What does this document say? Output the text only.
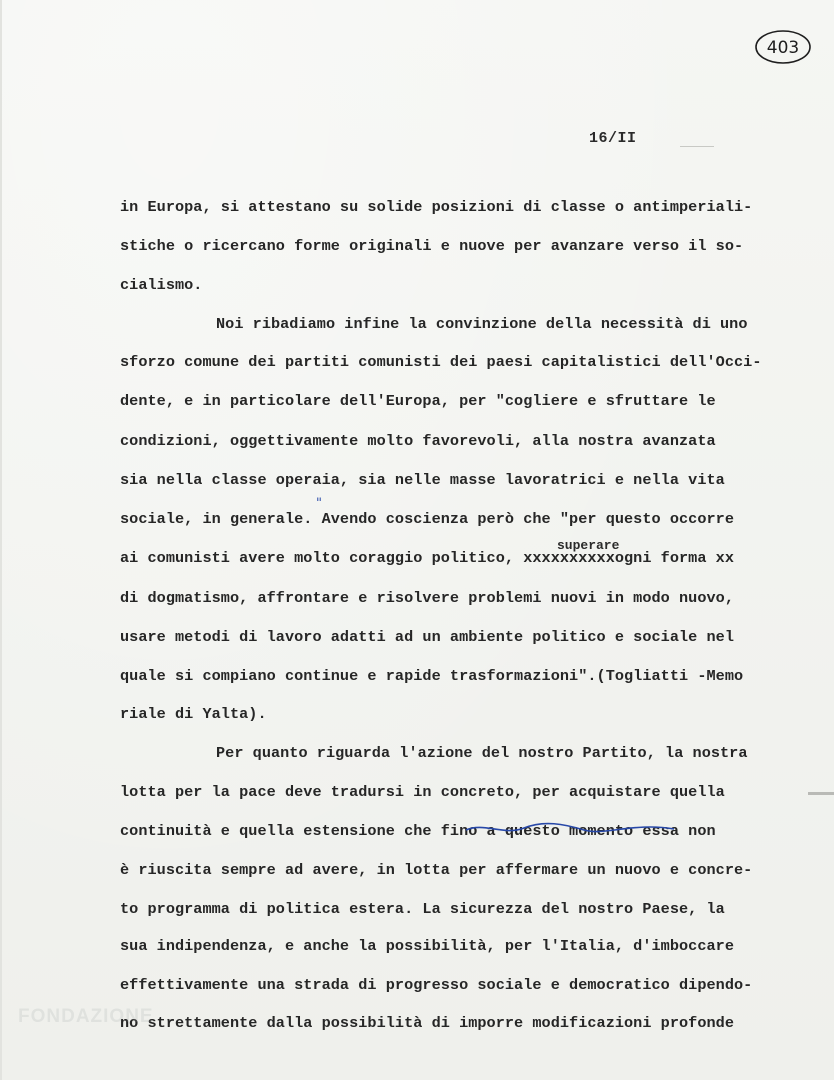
403
16/II
in Europa, si attestano su solide posizioni di classe o antimperiali-
stiche o ricercano forme originali e nuove per avanzare verso il so-
cialismo.
Noi ribadiamo infine la convinzione della necessità di uno
sforzo comune dei partiti comunisti dei paesi capitalistici dell'Occi-
dente, e in particolare dell'Europa, per "cogliere e sfruttare le
condizioni, oggettivamente molto favorevoli, alla nostra avanzata
sia nella classe operaia, sia nelle masse lavoratrici e nella vita
sociale, in generale. Avendo coscienza però che "per questo occorre
ai comunisti avere molto coraggio politico, xxxxxxxxxxogni forma xx
di dogmatismo, affrontare e risolvere problemi nuovi in modo nuovo,
usare metodi di lavoro adatti ad un ambiente politico e sociale nel
quale si compiano continue e rapide trasformazioni".(Togliatti -Memo
riale di Yalta).
Per quanto riguarda l'azione del nostro Partito, la nostra
lotta per la pace deve tradursi in concreto, per acquistare quella
continuità e quella estensione che fino a questo momento essa non
è riuscita sempre ad avere, in lotta per affermare un nuovo e concre-
to programma di politica estera. La sicurezza del nostro Paese, la
sua indipendenza, e anche la possibilità, per l'Italia, d'imboccare
effettivamente una strada di progresso sociale e democratico dipendo-
no strettamente dalla possibilità di imporre modificazioni profonde
superare
"
FONDAZIONE
